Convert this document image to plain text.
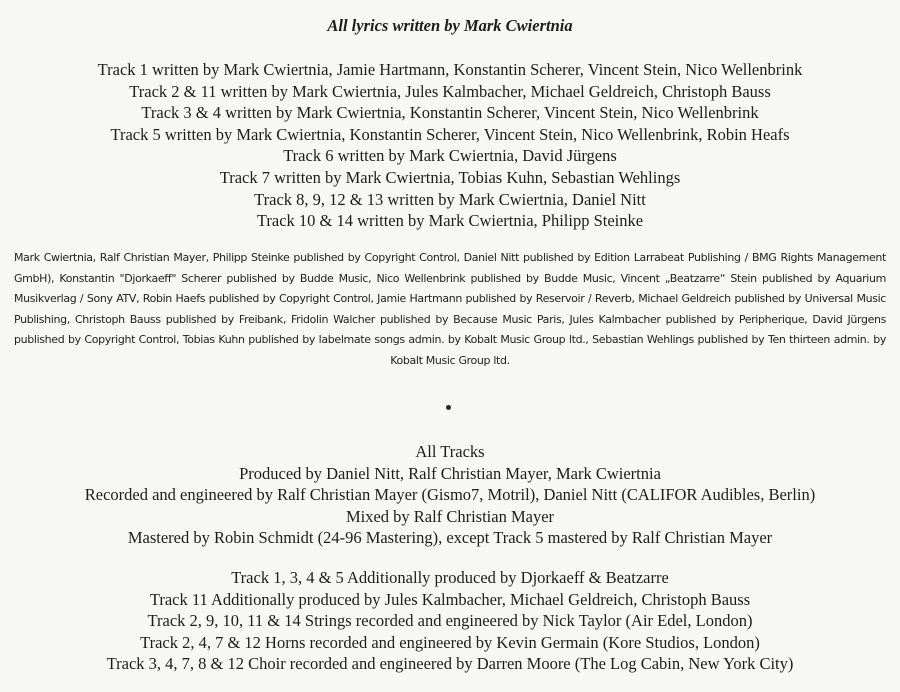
All lyrics written by Mark Cwiertnia
Track 1 written by Mark Cwiertnia, Jamie Hartmann, Konstantin Scherer, Vincent Stein, Nico Wellenbrink
Track 2 & 11 written by Mark Cwiertnia, Jules Kalmbacher, Michael Geldreich, Christoph Bauss
Track 3 & 4 written by Mark Cwiertnia, Konstantin Scherer, Vincent Stein, Nico Wellenbrink
Track 5 written by Mark Cwiertnia, Konstantin Scherer, Vincent Stein, Nico Wellenbrink, Robin Heafs
Track 6 written by Mark Cwiertnia, David Jürgens
Track 7 written by Mark Cwiertnia, Tobias Kuhn, Sebastian Wehlings
Track 8, 9, 12 & 13 written by Mark Cwiertnia, Daniel Nitt
Track 10 & 14 written by Mark Cwiertnia, Philipp Steinke

Mark Cwiertnia, Ralf Christian Mayer, Philipp Steinke published by Copyright Control, Daniel Nitt published by Edition Larrabeat Publishing / BMG Rights Management GmbH), Konstantin "Djorkaeff" Scherer published by Budde Music, Nico Wellenbrink published by Budde Music, Vincent „Beatzarre“ Stein published by Aquarium Musikverlag / Sony ATV, Robin Haefs published by Copyright Control, Jamie Hartmann published by Reservoir / Reverb, Michael Geldreich published by Universal Music Publishing, Christoph Bauss published by Freibank, Fridolin Walcher published by Because Music Paris, Jules Kalmbacher published by Peripherique, David Jürgens published by Copyright Control, Tobias Kuhn published by labelmate songs admin. by Kobalt Music Group ltd., Sebastian Wehlings published by Ten thirteen admin. by Kobalt Music Group ltd.

All Tracks
Produced by Daniel Nitt, Ralf Christian Mayer, Mark Cwiertnia
Recorded and engineered by Ralf Christian Mayer (Gismo7, Motril), Daniel Nitt (CALIFOR Audibles, Berlin)
Mixed by Ralf Christian Mayer
Mastered by Robin Schmidt (24-96 Mastering), except Track 5 mastered by Ralf Christian Mayer
Track 1, 3, 4 & 5 Additionally produced by Djorkaeff & Beatzarre
Track 11 Additionally produced by Jules Kalmbacher, Michael Geldreich, Christoph Bauss
Track 2, 9, 10, 11 & 14 Strings recorded and engineered by Nick Taylor (Air Edel, London)
Track 2, 4, 7 & 12 Horns recorded and engineered by Kevin Germain (Kore Studios, London)
Track 3, 4, 7, 8 & 12 Choir recorded and engineered by Darren Moore (The Log Cabin, New York City)
